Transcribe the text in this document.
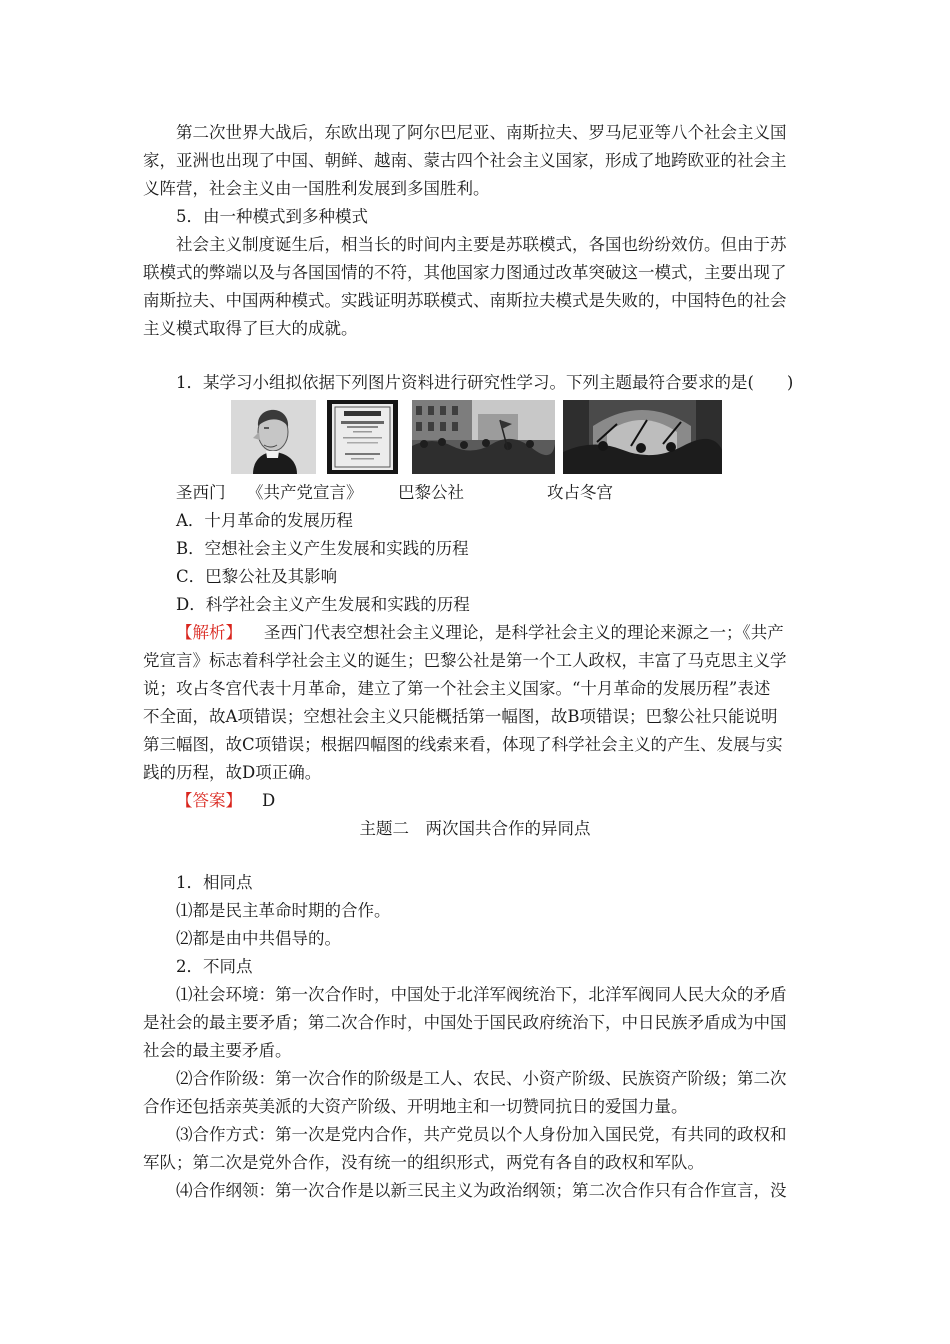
第二次世界大战后，东欧出现了阿尔巴尼亚、南斯拉夫、罗马尼亚等八个社会主义国
家，亚洲也出现了中国、朝鲜、越南、蒙古四个社会主义国家，形成了地跨欧亚的社会主
义阵营，社会主义由一国胜利发展到多国胜利。
5．由一种模式到多种模式
社会主义制度诞生后，相当长的时间内主要是苏联模式，各国也纷纷效仿。但由于苏
联模式的弊端以及与各国国情的不符，其他国家力图通过改革突破这一模式，主要出现了
南斯拉夫、中国两种模式。实践证明苏联模式、南斯拉夫模式是失败的，中国特色的社会
主义模式取得了巨大的成就。
1．某学习小组拟依据下列图片资料进行研究性学习。下列主题最符合要求的是(　　)
圣西门 《共产党宣言》 巴黎公社	攻占冬宫
A．十月革命的发展历程
B．空想社会主义产生发展和实践的历程
C．巴黎公社及其影响
D．科学社会主义产生发展和实践的历程
【解析】 圣西门代表空想社会主义理论，是科学社会主义的理论来源之一；《共产
党宣言》标志着科学社会主义的诞生；巴黎公社是第一个工人政权，丰富了马克思主义学
说；攻占冬宫代表十月革命，建立了第一个社会主义国家。“十月革命的发展历程”表述
不全面，故A项错误；空想社会主义只能概括第一幅图，故B项错误；巴黎公社只能说明
第三幅图，故C项错误；根据四幅图的线索来看，体现了科学社会主义的产生、发展与实
践的历程，故D项正确。
【答案】 D
主题二　两次国共合作的异同点
1．相同点
⑴都是民主革命时期的合作。
⑵都是由中共倡导的。
2．不同点
⑴社会环境：第一次合作时，中国处于北洋军阀统治下，北洋军阀同人民大众的矛盾
是社会的最主要矛盾；第二次合作时，中国处于国民政府统治下，中日民族矛盾成为中国
社会的最主要矛盾。
⑵合作阶级：第一次合作的阶级是工人、农民、小资产阶级、民族资产阶级；第二次
合作还包括亲英美派的大资产阶级、开明地主和一切赞同抗日的爱国力量。
⑶合作方式：第一次是党内合作，共产党员以个人身份加入国民党，有共同的政权和
军队；第二次是党外合作，没有统一的组织形式，两党有各自的政权和军队。
⑷合作纲领：第一次合作是以新三民主义为政治纲领；第二次合作只有合作宣言，没
